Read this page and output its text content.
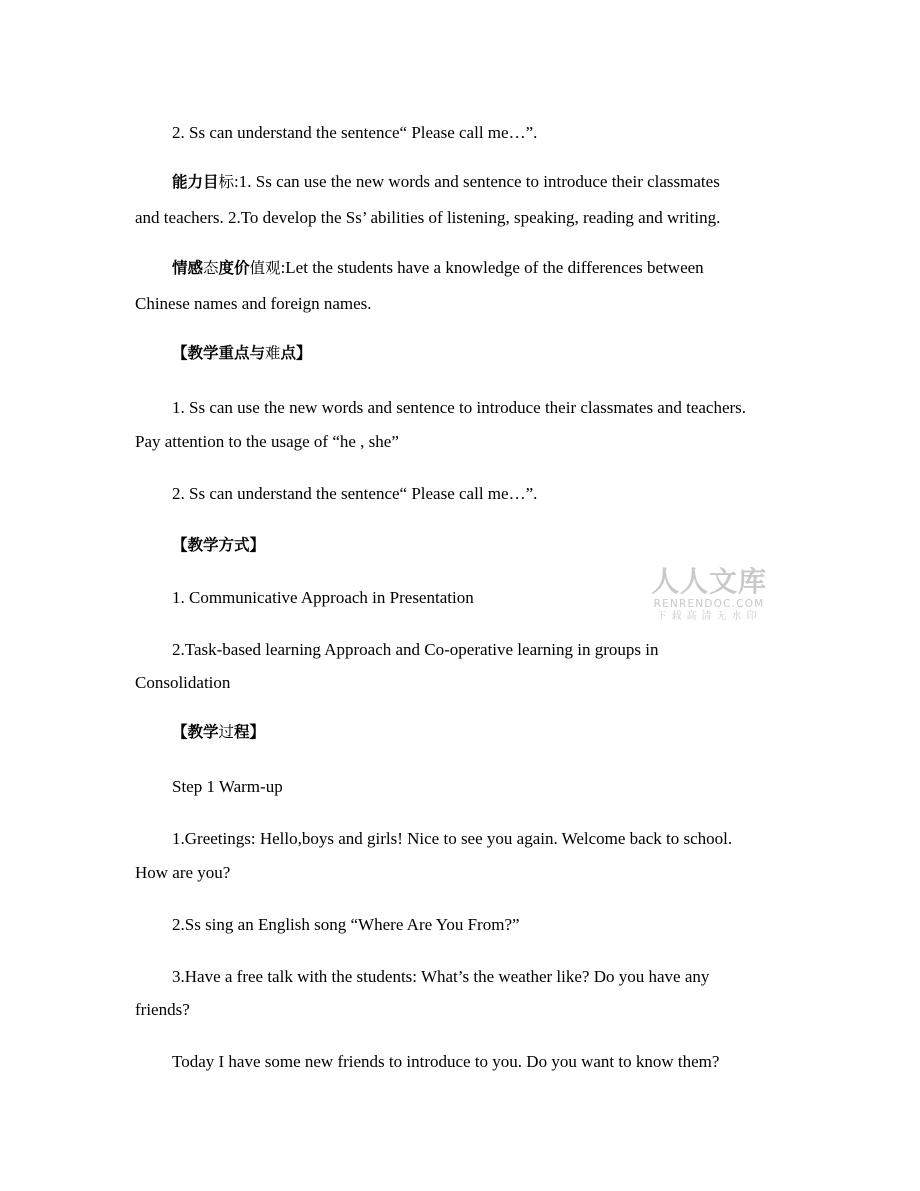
2. Ss can understand the sentence“ Please call me…”.
能力目标:1. Ss can use the new words and sentence to introduce their classmates
and teachers. 2.To develop the Ss’ abilities of listening, speaking, reading and writing.
情感态度价值观:Let the students have a knowledge of the differences between
Chinese names and foreign names.
【教学重点与难点】
1. Ss can use the new words and sentence to introduce their classmates and teachers.
Pay attention to the usage of “he , she”
2. Ss can understand the sentence“ Please call me…”.
【教学方式】
1. Communicative Approach in Presentation
2.Task-based learning Approach and Co-operative learning in groups in
Consolidation
【教学过程】
Step 1 Warm-up
1.Greetings: Hello,boys and girls! Nice to see you again. Welcome back to school.
How are you?
2.Ss sing an English song “Where Are You From?”
3.Have a free talk with the students: What’s the weather like? Do you have any
friends?
Today I have some new friends to introduce to you. Do you want to know them?
人人文库
RENRENDOC.COM
下载高清无水印
